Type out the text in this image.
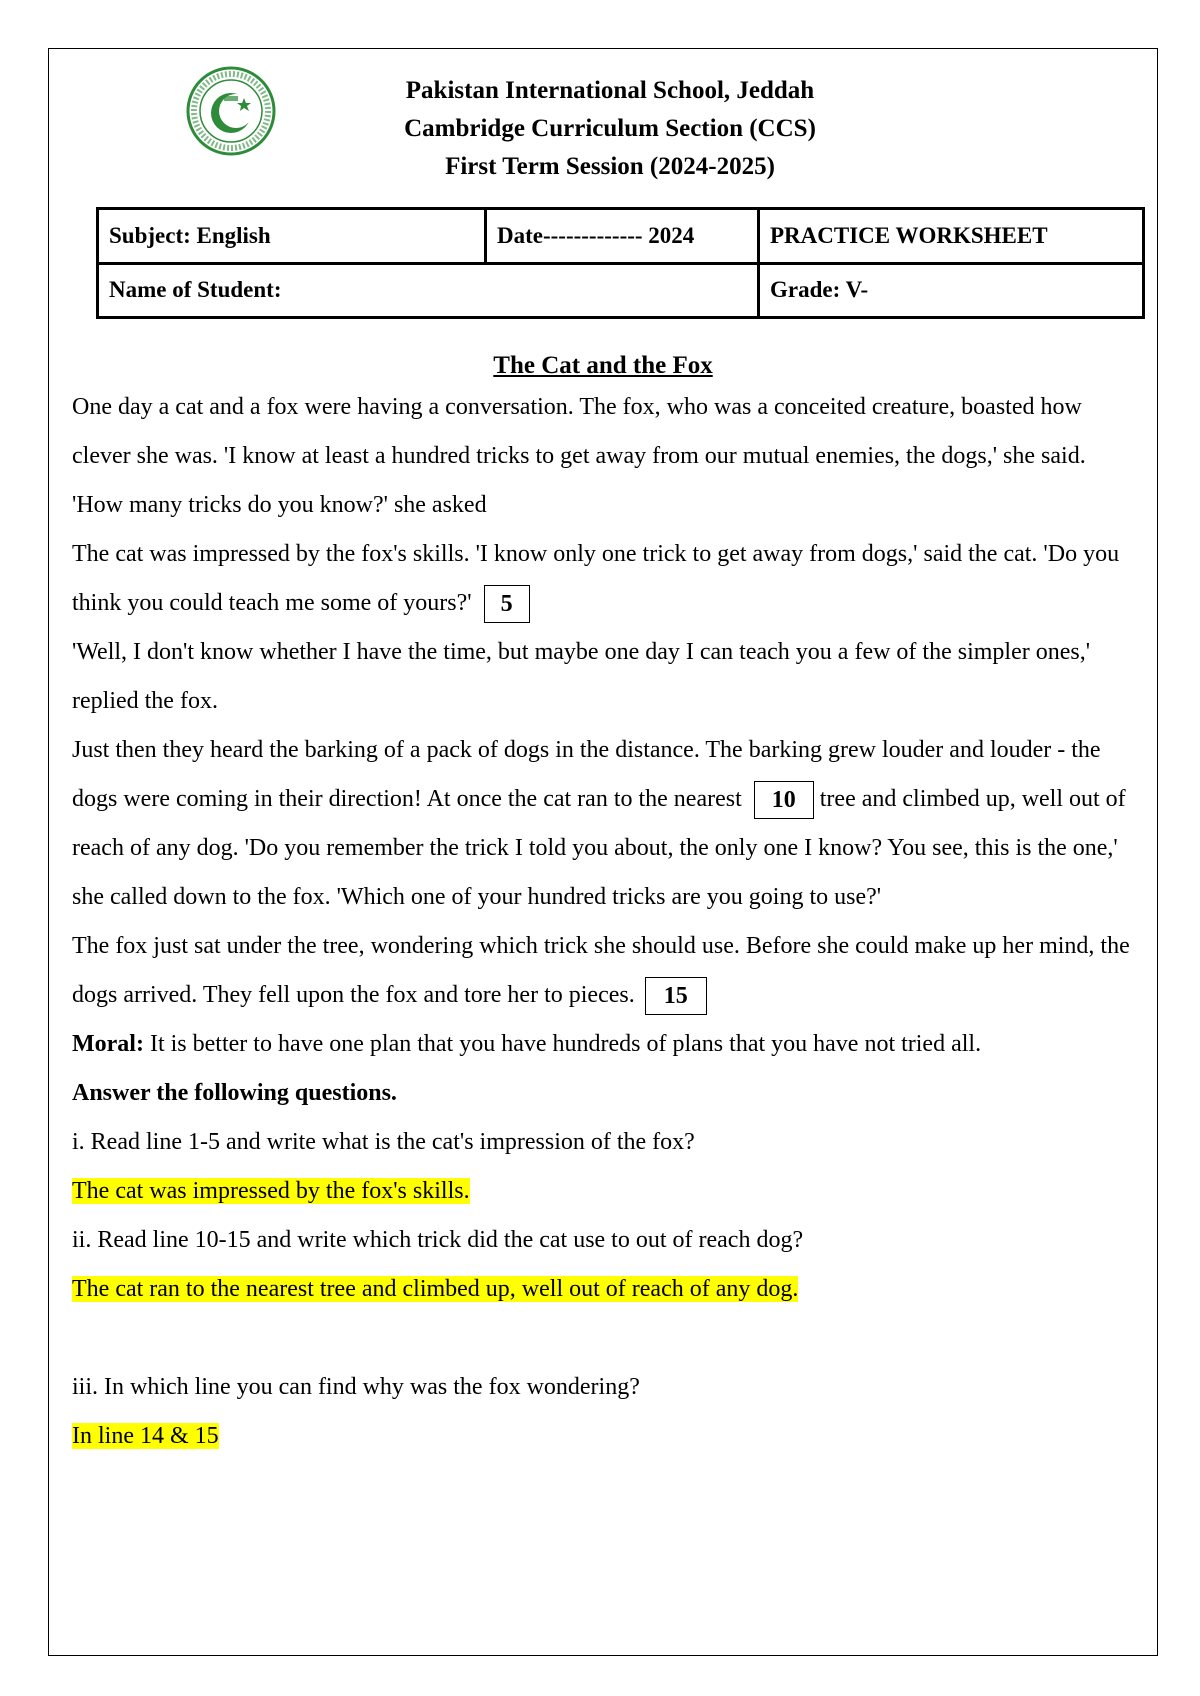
Pakistan International School, Jeddah
Cambridge Curriculum Section (CCS)
First Term Session (2024-2025)
Subject: English	Date------------- 2024	PRACTICE WORKSHEET
Name of Student:		Grade: V-
The Cat and the Fox

One day a cat and a fox were having a conversation. The fox, who was a conceited creature, boasted how clever she was. 'I know at least a hundred tricks to get away from our mutual enemies, the dogs,' she said. 'How many tricks do you know?' she asked

The cat was impressed by the fox's skills. 'I know only one trick to get away from dogs,' said the cat. 'Do you think you could teach me some of yours?' 5

'Well, I don't know whether I have the time, but maybe one day I can teach you a few of the simpler ones,' replied the fox.

Just then they heard the barking of a pack of dogs in the distance. The barking grew louder and louder - the dogs were coming in their direction! At once the cat ran to the nearest 10 tree and climbed up, well out of reach of any dog. 'Do you remember the trick I told you about, the only one I know? You see, this is the one,' she called down to the fox. 'Which one of your hundred tricks are you going to use?'

The fox just sat under the tree, wondering which trick she should use. Before she could make up her mind, the dogs arrived. They fell upon the fox and tore her to pieces. 15

Moral: It is better to have one plan that you have hundreds of plans that you have not tried all.

Answer the following questions.

i. Read line 1-5 and write what is the cat's impression of the fox?

The cat was impressed by the fox's skills.

ii. Read line 10-15 and write which trick did the cat use to out of reach dog?

The cat ran to the nearest tree and climbed up, well out of reach of any dog.

iii. In which line you can find why was the fox wondering?

In line 14 & 15
